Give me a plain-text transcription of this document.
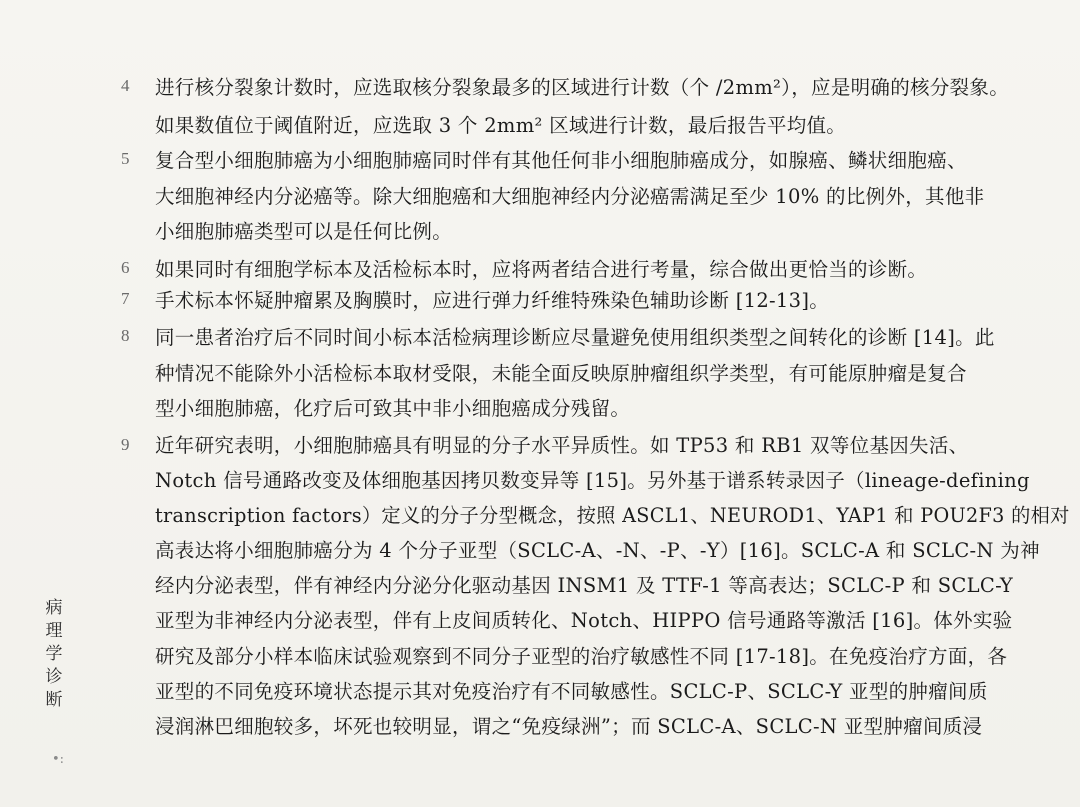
4	进行核分裂象计数时，应选取核分裂象最多的区域进行计数（个 /2mm²），应是明确的核分裂象。
如果数值位于阈值附近，应选取 3 个 2mm² 区域进行计数，最后报告平均值。
5	复合型小细胞肺癌为小细胞肺癌同时伴有其他任何非小细胞肺癌成分，如腺癌、鳞状细胞癌、
大细胞神经内分泌癌等。除大细胞癌和大细胞神经内分泌癌需满足至少 10% 的比例外，其他非
小细胞肺癌类型可以是任何比例。
6	如果同时有细胞学标本及活检标本时，应将两者结合进行考量，综合做出更恰当的诊断。
7	手术标本怀疑肿瘤累及胸膜时，应进行弹力纤维特殊染色辅助诊断 [12-13]。
8	同一患者治疗后不同时间小标本活检病理诊断应尽量避免使用组织类型之间转化的诊断 [14]。此
种情况不能除外小活检标本取材受限，未能全面反映原肿瘤组织学类型，有可能原肿瘤是复合
型小细胞肺癌，化疗后可致其中非小细胞癌成分残留。
9	近年研究表明，小细胞肺癌具有明显的分子水平异质性。如 TP53 和 RB1 双等位基因失活、
Notch 信号通路改变及体细胞基因拷贝数变异等 [15]。另外基于谱系转录因子（lineage-defining
transcription factors）定义的分子分型概念，按照 ASCL1、NEUROD1、YAP1 和 POU2F3 的相对
高表达将小细胞肺癌分为 4 个分子亚型（SCLC-A、-N、-P、-Y）[16]。SCLC-A 和 SCLC-N 为神
经内分泌表型，伴有神经内分泌分化驱动基因 INSM1 及 TTF-1 等高表达；SCLC-P 和 SCLC-Y
亚型为非神经内分泌表型，伴有上皮间质转化、Notch、HIPPO 信号通路等激活 [16]。体外实验
研究及部分小样本临床试验观察到不同分子亚型的治疗敏感性不同 [17-18]。在免疫治疗方面，各
亚型的不同免疫环境状态提示其对免疫治疗有不同敏感性。SCLC-P、SCLC-Y 亚型的肿瘤间质
浸润淋巴细胞较多，坏死也较明显，谓之“免疫绿洲”；而 SCLC-A、SCLC-N 亚型肿瘤间质浸
病理学诊断
•:
